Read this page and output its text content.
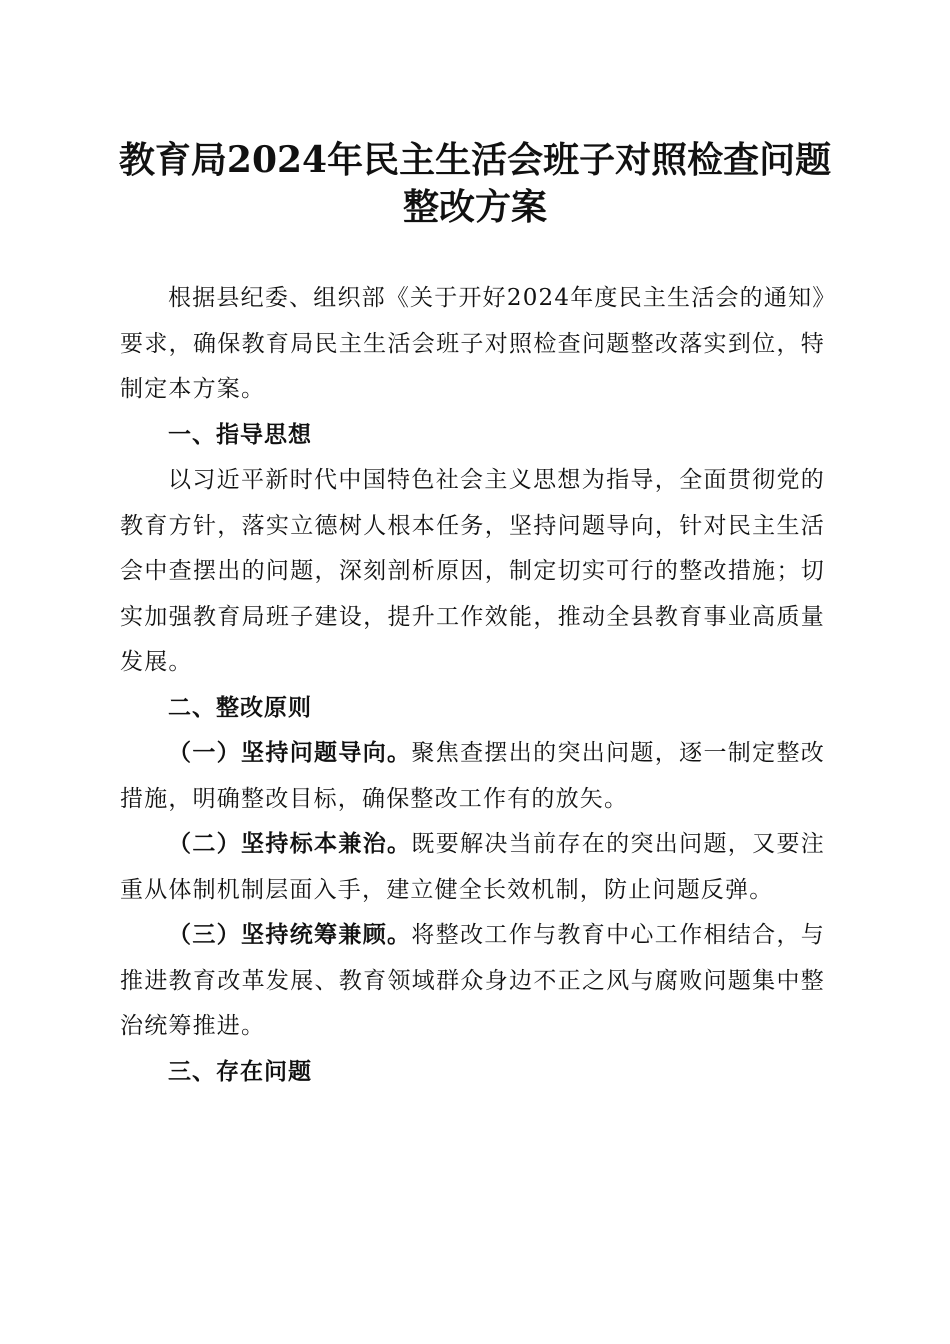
教育局2024年民主生活会班子对照检查问题
整改方案

根据县纪委、组织部《关于开好2024年度民主生活会的通知》要求，确保教育局民主生活会班子对照检查问题整改落实到位，特制定本方案。

一、指导思想

以习近平新时代中国特色社会主义思想为指导，全面贯彻党的教育方针，落实立德树人根本任务，坚持问题导向，针对民主生活会中查摆出的问题，深刻剖析原因，制定切实可行的整改措施；切实加强教育局班子建设，提升工作效能，推动全县教育事业高质量发展。

二、整改原则

（一）坚持问题导向。聚焦查摆出的突出问题，逐一制定整改措施，明确整改目标，确保整改工作有的放矢。

（二）坚持标本兼治。既要解决当前存在的突出问题，又要注重从体制机制层面入手，建立健全长效机制，防止问题反弹。

（三）坚持统筹兼顾。将整改工作与教育中心工作相结合，与推进教育改革发展、教育领域群众身边不正之风与腐败问题集中整治统筹推进。

三、存在问题
